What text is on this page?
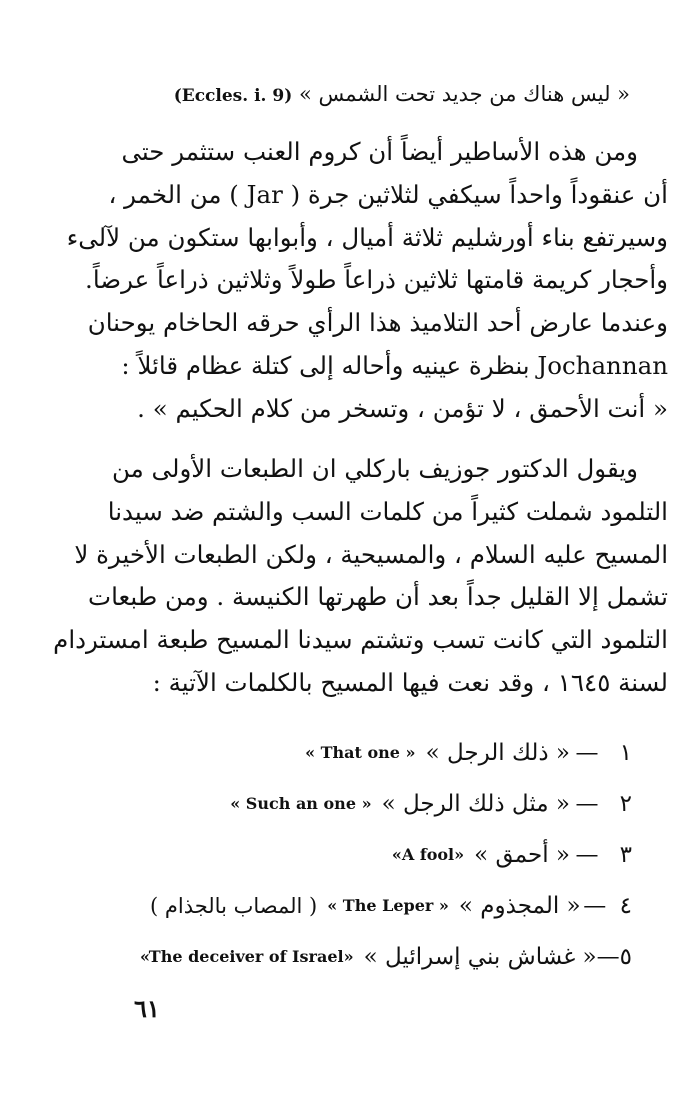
« ليس هناك من جديد تحت الشمس » (Eccles. i. 9)
ومن هذه الأساطير أيضاً أن كروم العنب ستثمر حتى
أن عنقوداً واحداً سيكفي لثلاثين جرة ( Jar ) من الخمر ،
وسيرتفع بناء أورشليم ثلاثة أميال ، وأبوابها ستكون من لآلىء
وأحجار كريمة قامتها ثلاثين ذراعاً طولاً وثلاثين ذراعاً عرضاً.
وعندما عارض أحد التلاميذ هذا الرأي حرقه الحاخام يوحنان
Jochannan بنظرة عينيه وأحاله إلى كتلة عظام قائلاً :
« أنت الأحمق ، لا تؤمن ، وتسخر من كلام الحكيم » .
ويقول الدكتور جوزيف باركلي ان الطبعات الأولى من
التلمود شملت كثيراً من كلمات السب والشتم ضد سيدنا
المسيح عليه السلام ، والمسيحية ، ولكن الطبعات الأخيرة لا
تشمل إلا القليل جداً بعد أن طهرتها الكنيسة . ومن طبعات
التلمود التي كانت تسب وتشتم سيدنا المسيح طبعة امستردام
لسنة ١٦٤٥ ، وقد نعت فيها المسيح بالكلمات الآتية :
١
—
« ذلك الرجل »
« That one »
٢
—
« مثل ذلك الرجل »
« Such an one »
٣
—
« أحمق »
«A fool»
٤
—
« المجذوم »
« The Leper »
( المصاب بالجذام )
٥
—
« غشاش بني إسرائيل »
«The deceiver of Israel»
٦١
